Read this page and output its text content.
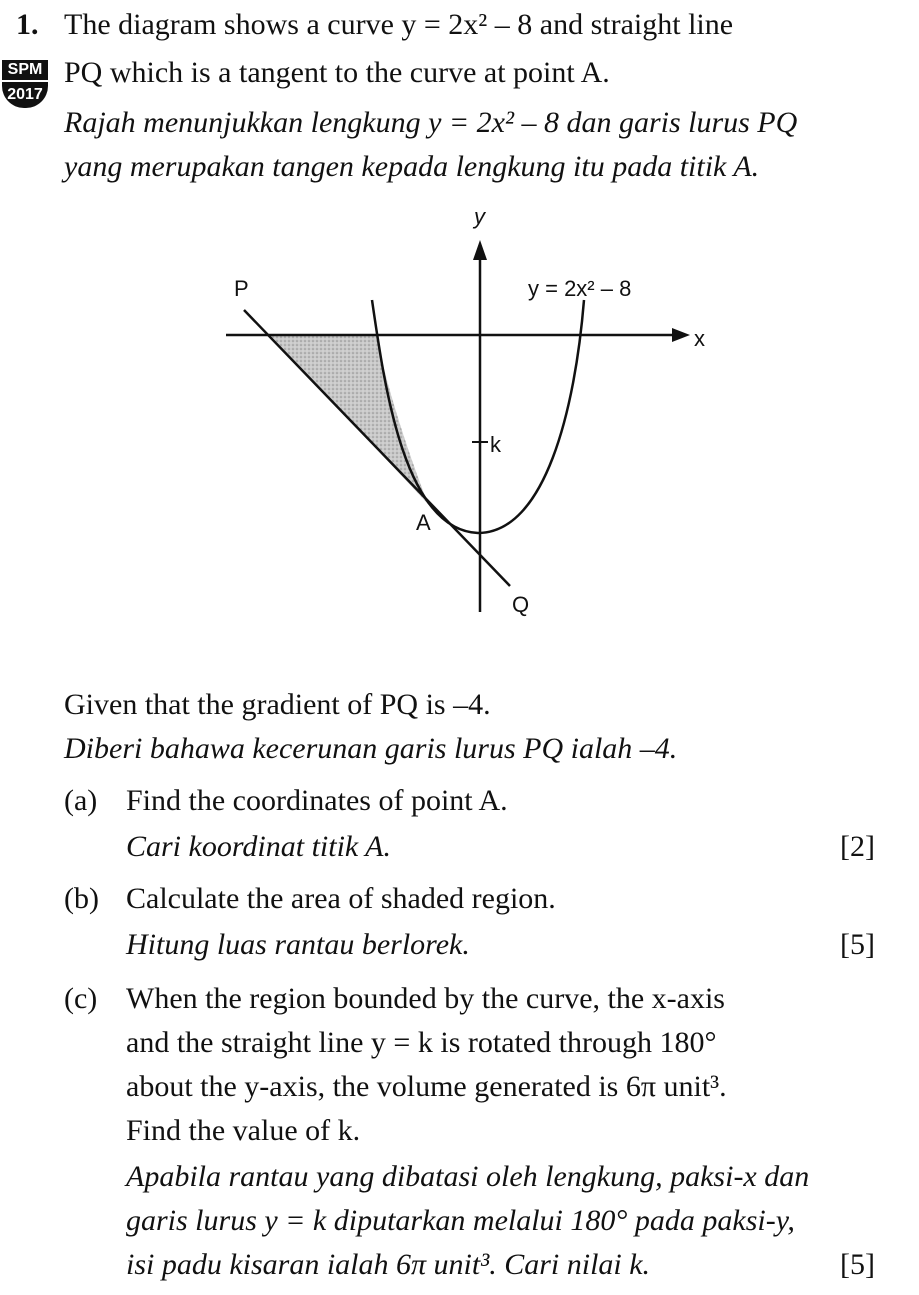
1. The diagram shows a curve y = 2x² – 8 and straight line
SPM
2017
PQ which is a tangent to the curve at point A.
Rajah menunjukkan lengkung y = 2x² – 8 dan garis lurus PQ
yang merupakan tangen kepada lengkung itu pada titik A.
y
x
P
Q
A
k
y = 2x² – 8
Given that the gradient of PQ is –4.
Diberi bahawa kecerunan garis lurus PQ ialah –4.
(a) Find the coordinates of point A.
Cari koordinat titik A.	[2]
(b) Calculate the area of shaded region.
Hitung luas rantau berlorek.	[5]
(c) When the region bounded by the curve, the x-axis
and the straight line y = k is rotated through 180°
about the y-axis, the volume generated is 6π unit³.
Find the value of k.
Apabila rantau yang dibatasi oleh lengkung, paksi-x dan
garis lurus y = k diputarkan melalui 180° pada paksi-y,
isi padu kisaran ialah 6π unit³. Cari nilai k.	[5]
